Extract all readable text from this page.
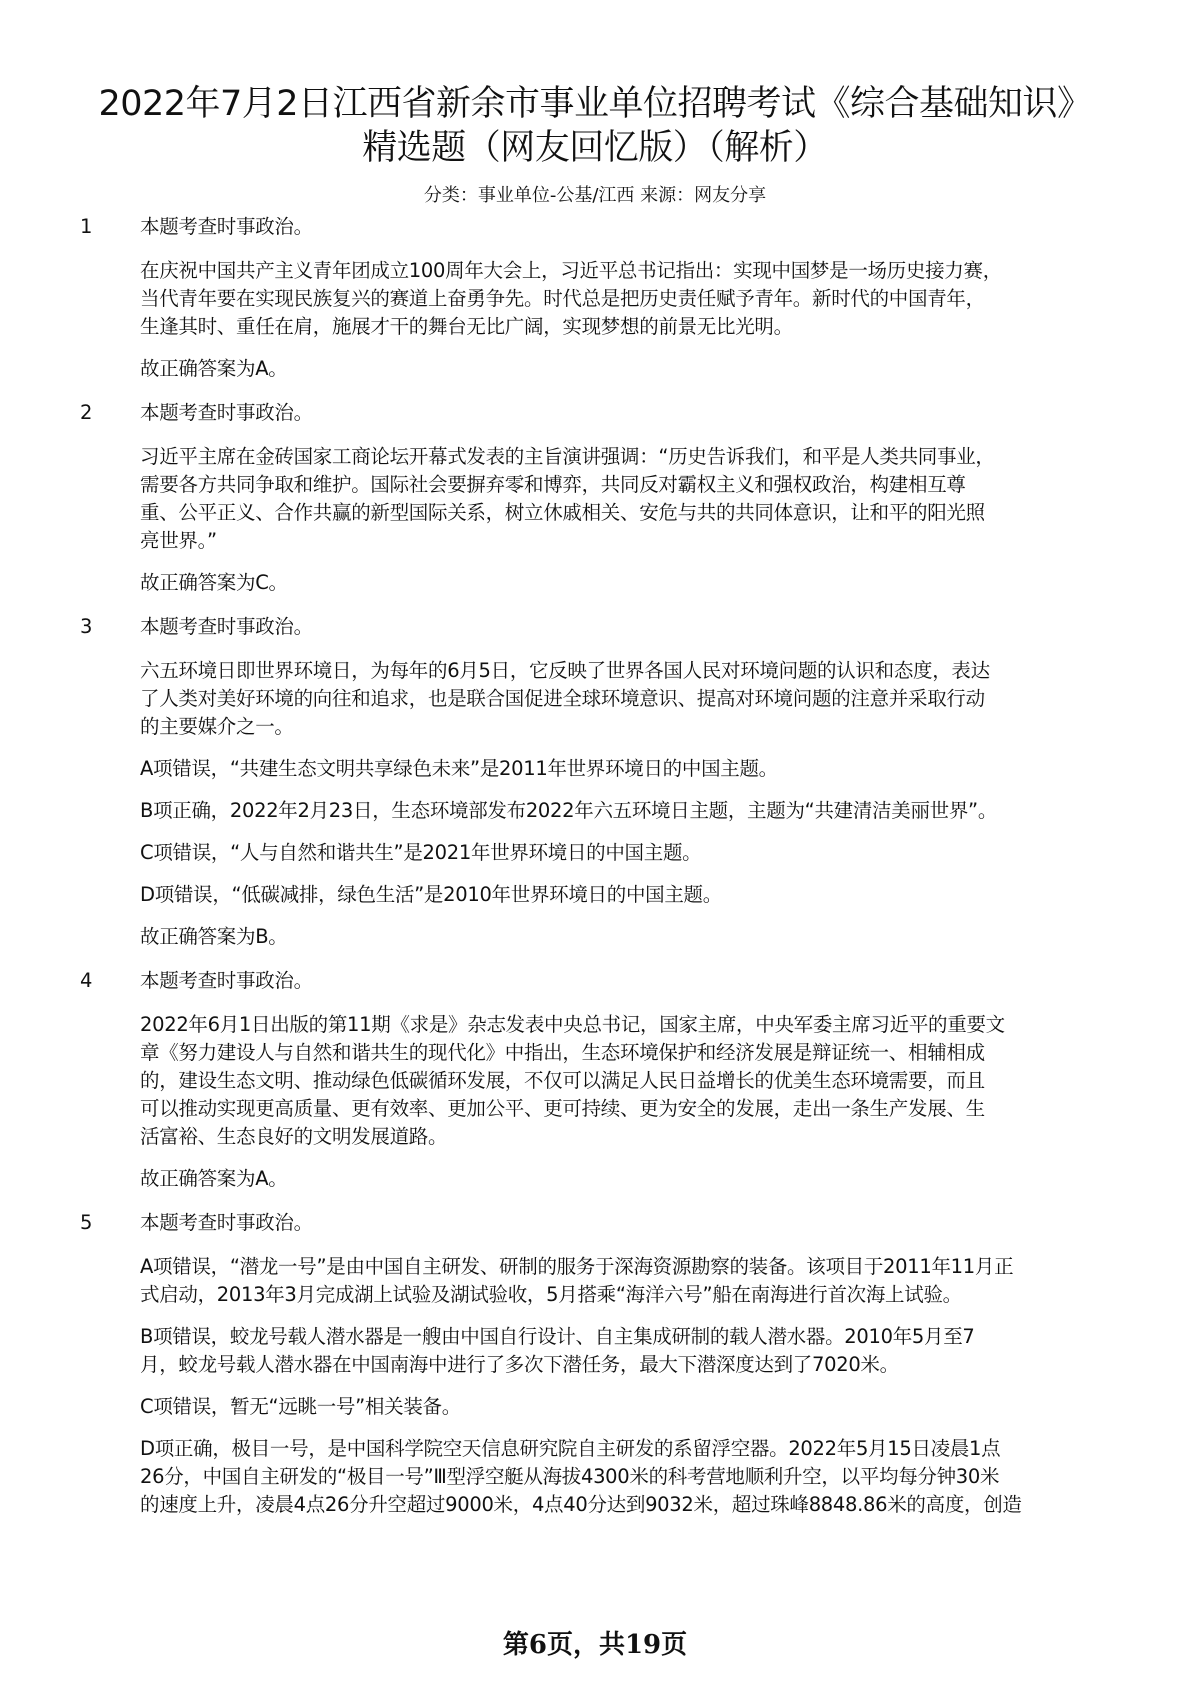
2022年7月2日江西省新余市事业单位招聘考试《综合基础知识》
精选题（网友回忆版）（解析）
分类：事业单位-公基/江西 来源：网友分享
1	本题考查时事政治。
在庆祝中国共产主义青年团成立100周年大会上，习近平总书记指出：实现中国梦是一场历史接力赛，
当代青年要在实现民族复兴的赛道上奋勇争先。时代总是把历史责任赋予青年。新时代的中国青年，
生逢其时、重任在肩，施展才干的舞台无比广阔，实现梦想的前景无比光明。
故正确答案为A。
2	本题考查时事政治。
习近平主席在金砖国家工商论坛开幕式发表的主旨演讲强调：“历史告诉我们，和平是人类共同事业，
需要各方共同争取和维护。国际社会要摒弃零和博弈，共同反对霸权主义和强权政治，构建相互尊
重、公平正义、合作共赢的新型国际关系，树立休戚相关、安危与共的共同体意识，让和平的阳光照
亮世界。”
故正确答案为C。
3	本题考查时事政治。
六五环境日即世界环境日，为每年的6月5日，它反映了世界各国人民对环境问题的认识和态度，表达
了人类对美好环境的向往和追求，也是联合国促进全球环境意识、提高对环境问题的注意并采取行动
的主要媒介之一。
A项错误，“共建生态文明共享绿色未来”是2011年世界环境日的中国主题。
B项正确，2022年2月23日，生态环境部发布2022年六五环境日主题，主题为“共建清洁美丽世界”。
C项错误，“人与自然和谐共生”是2021年世界环境日的中国主题。
D项错误，“低碳减排，绿色生活”是2010年世界环境日的中国主题。
故正确答案为B。
4	本题考查时事政治。
2022年6月1日出版的第11期《求是》杂志发表中央总书记，国家主席，中央军委主席习近平的重要文
章《努力建设人与自然和谐共生的现代化》中指出，生态环境保护和经济发展是辩证统一、相辅相成
的，建设生态文明、推动绿色低碳循环发展，不仅可以满足人民日益增长的优美生态环境需要，而且
可以推动实现更高质量、更有效率、更加公平、更可持续、更为安全的发展，走出一条生产发展、生
活富裕、生态良好的文明发展道路。
故正确答案为A。
5	本题考查时事政治。
A项错误，“潜龙一号”是由中国自主研发、研制的服务于深海资源勘察的装备。该项目于2011年11月正
式启动，2013年3月完成湖上试验及湖试验收，5月搭乘“海洋六号”船在南海进行首次海上试验。
B项错误，蛟龙号载人潜水器是一艘由中国自行设计、自主集成研制的载人潜水器。2010年5月至7
月，蛟龙号载人潜水器在中国南海中进行了多次下潜任务，最大下潜深度达到了7020米。
C项错误，暂无“远眺一号”相关装备。
D项正确，极目一号，是中国科学院空天信息研究院自主研发的系留浮空器。2022年5月15日凌晨1点
26分，中国自主研发的“极目一号”Ⅲ型浮空艇从海拔4300米的科考营地顺利升空，以平均每分钟30米
的速度上升，凌晨4点26分升空超过9000米，4点40分达到9032米，超过珠峰8848.86米的高度，创造
第6页，共19页
